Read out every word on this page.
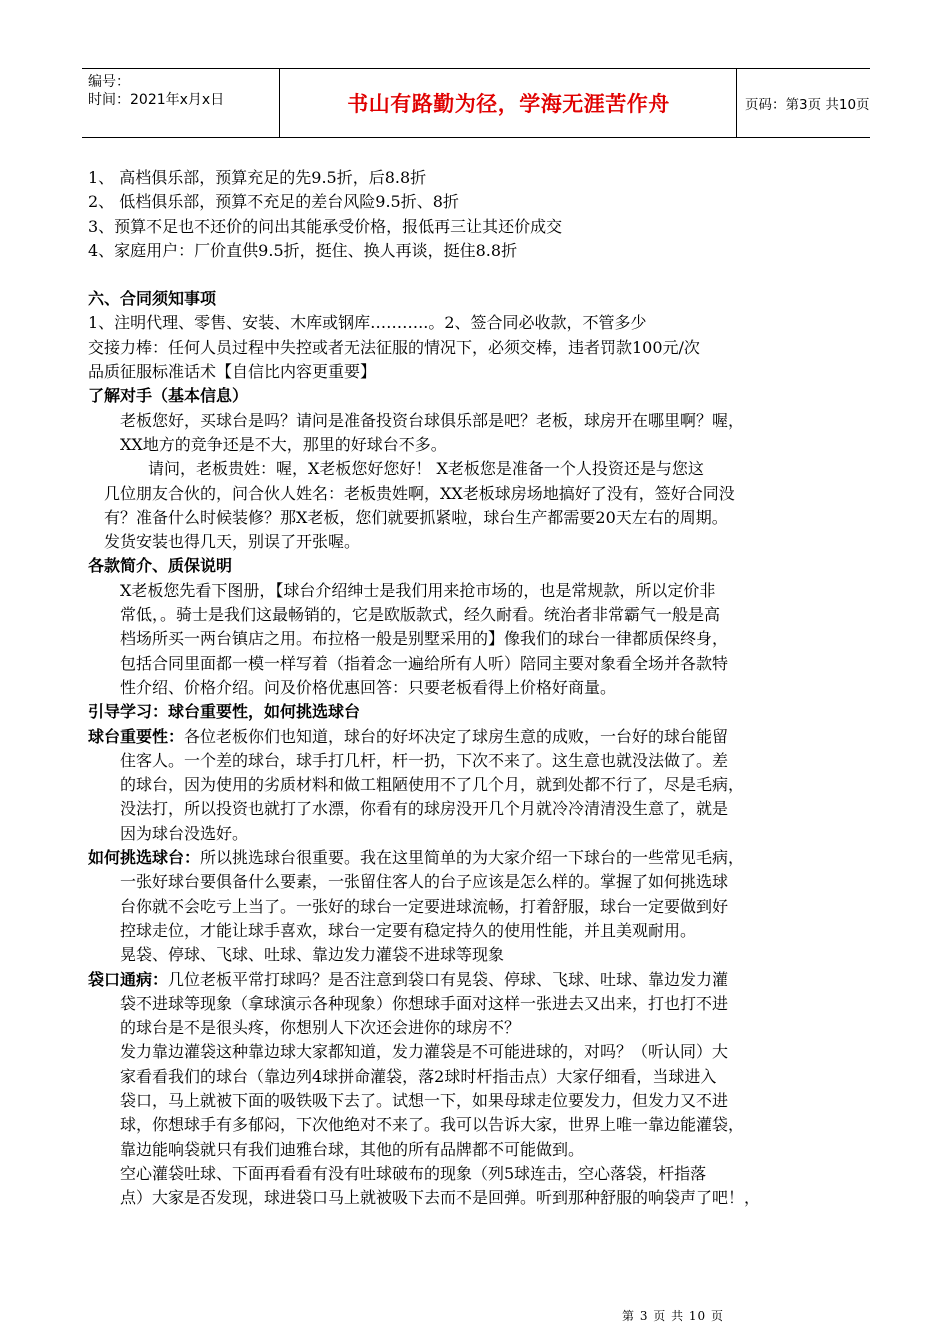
编号：
时间：2021年x月x日	书山有路勤为径，学海无涯苦作舟	页码：第3页 共10页
1、 高档俱乐部，预算充足的先9.5折，后8.8折
2、 低档俱乐部，预算不充足的差台风险9.5折、8折
3、预算不足也不还价的问出其能承受价格，报低再三让其还价成交
4、家庭用户：厂价直供9.5折，挺住、换人再谈，挺住8.8折
六、合同须知事项
1、注明代理、零售、安装、木库或钢库………..。2、签合同必收款，不管多少
交接力棒：任何人员过程中失控或者无法征服的情况下，必须交棒，违者罚款100元/次
品质征服标准话术【自信比内容更重要】
了解对手（基本信息）
老板您好，买球台是吗？请问是准备投资台球俱乐部是吧？老板，球房开在哪里啊？喔，
XX地方的竞争还是不大，那里的好球台不多。
请问，老板贵姓：喔，X老板您好您好！ X老板您是准备一个人投资还是与您这
几位朋友合伙的，问合伙人姓名：老板贵姓啊，XX老板球房场地搞好了没有，签好合同没
有？准备什么时候装修？那X老板，您们就要抓紧啦，球台生产都需要20天左右的周期。
发货安装也得几天，别误了开张喔。
各款简介、质保说明
X老板您先看下图册，【球台介绍绅士是我们用来抢市场的，也是常规款，所以定价非
常低，。骑士是我们这最畅销的，它是欧版款式，经久耐看。统治者非常霸气一般是高
档场所买一两台镇店之用。布拉格一般是别墅采用的】像我们的球台一律都质保终身，
包括合同里面都一模一样写着（指着念一遍给所有人听）陪同主要对象看全场并各款特
性介绍、价格介绍。问及价格优惠回答：只要老板看得上价格好商量。
引导学习：球台重要性，如何挑选球台
球台重要性：各位老板你们也知道，球台的好坏决定了球房生意的成败，一台好的球台能留
住客人。一个差的球台，球手打几杆，杆一扔，下次不来了。这生意也就没法做了。差
的球台，因为使用的劣质材料和做工粗陋使用不了几个月，就到处都不行了，尽是毛病，
没法打，所以投资也就打了水漂，你看有的球房没开几个月就冷冷清清没生意了，就是
因为球台没选好。
如何挑选球台：所以挑选球台很重要。我在这里简单的为大家介绍一下球台的一些常见毛病，
一张好球台要俱备什么要素，一张留住客人的台子应该是怎么样的。掌握了如何挑选球
台你就不会吃亏上当了。一张好的球台一定要进球流畅，打着舒服，球台一定要做到好
控球走位，才能让球手喜欢，球台一定要有稳定持久的使用性能，并且美观耐用。
晃袋、停球、飞球、吐球、靠边发力灌袋不进球等现象
袋口通病：几位老板平常打球吗？是否注意到袋口有晃袋、停球、飞球、吐球、靠边发力灌
袋不进球等现象（拿球演示各种现象）你想球手面对这样一张进去又出来，打也打不进
的球台是不是很头疼，你想别人下次还会进你的球房不？
发力靠边灌袋这种靠边球大家都知道，发力灌袋是不可能进球的，对吗？（听认同）大
家看看我们的球台（靠边列4球拼命灌袋，落2球时杆指击点）大家仔细看，当球进入
袋口，马上就被下面的吸铁吸下去了。试想一下，如果母球走位要发力，但发力又不进
球，你想球手有多郁闷，下次他绝对不来了。我可以告诉大家，世界上唯一靠边能灌袋，
靠边能响袋就只有我们迪雅台球，其他的所有品牌都不可能做到。
空心灌袋吐球、下面再看看有没有吐球破布的现象（列5球连击，空心落袋，杆指落
点）大家是否发现，球进袋口马上就被吸下去而不是回弹。听到那种舒服的响袋声了吧！，
第 3 页 共 10 页
